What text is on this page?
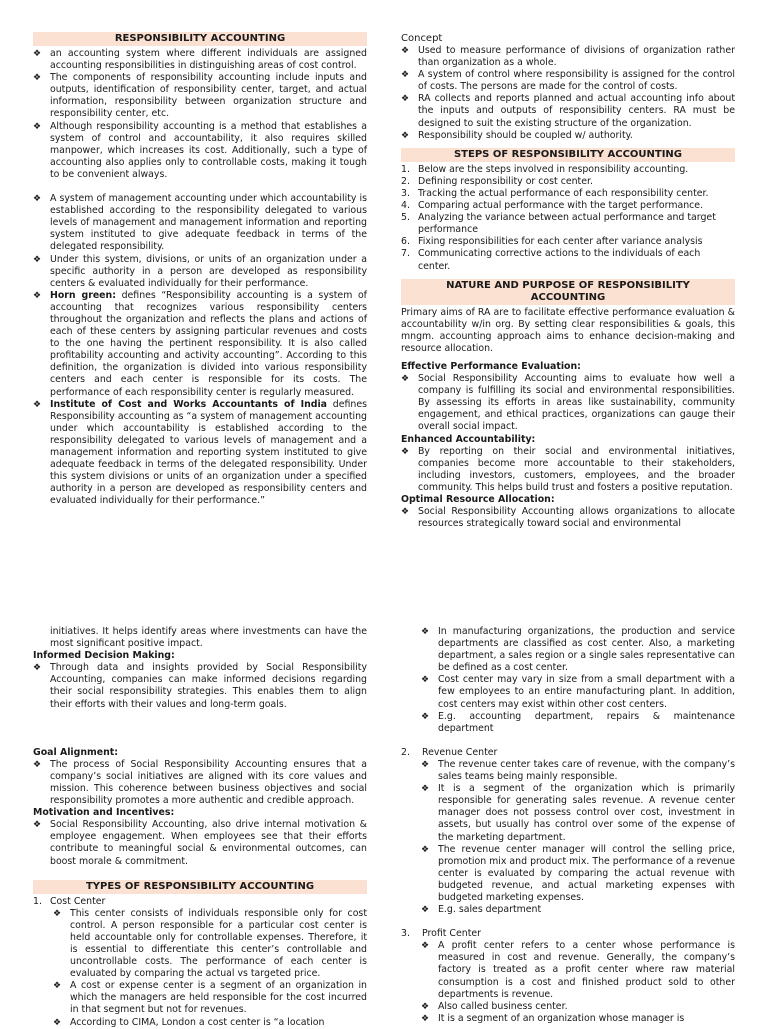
RESPONSIBILITY ACCOUNTING
❖ an accounting system where different individuals are assigned accounting responsibilities in distinguishing areas of cost control.
❖ The components of responsibility accounting include inputs and outputs, identification of responsibility center, target, and actual information, responsibility between organization structure and responsibility center, etc.
❖ Although responsibility accounting is a method that establishes a system of control and accountability, it also requires skilled manpower, which increases its cost. Additionally, such a type of accounting also applies only to controllable costs, making it tough to be convenient always.
❖ A system of management accounting under which accountability is established according to the responsibility delegated to various levels of management and management information and reporting system instituted to give adequate feedback in terms of the delegated responsibility.
❖ Under this system, divisions, or units of an organization under a specific authority in a person are developed as responsibility centers & evaluated individually for their performance.
❖ Horn green: defines “Responsibility accounting is a system of accounting that recognizes various responsibility centers throughout the organization and reflects the plans and actions of each of these centers by assigning particular revenues and costs to the one having the pertinent responsibility. It is also called profitability accounting and activity accounting”. According to this definition, the organization is divided into various responsibility centers and each center is responsible for its costs. The performance of each responsibility center is regularly measured.
❖ Institute of Cost and Works Accountants of India defines Responsibility accounting as “a system of management accounting under which accountability is established according to the responsibility delegated to various levels of management and a management information and reporting system instituted to give adequate feedback in terms of the delegated responsibility. Under this system divisions or units of an organization under a specified authority in a person are developed as responsibility centers and evaluated individually for their performance.”
Concept
❖ Used to measure performance of divisions of organization rather than organization as a whole.
❖ A system of control where responsibility is assigned for the control of costs. The persons are made for the control of costs.
❖ RA collects and reports planned and actual accounting info about the inputs and outputs of responsibility centers. RA must be designed to suit the existing structure of the organization.
❖ Responsibility should be coupled w/ authority.
STEPS OF RESPONSIBILITY ACCOUNTING
1. Below are the steps involved in responsibility accounting.
2. Defining responsibility or cost center.
3. Tracking the actual performance of each responsibility center.
4. Comparing actual performance with the target performance.
5. Analyzing the variance between actual performance and target performance
6. Fixing responsibilities for each center after variance analysis
7. Communicating corrective actions to the individuals of each center.
NATURE AND PURPOSE OF RESPONSIBILITY ACCOUNTING
Primary aims of RA are to facilitate effective performance evaluation & accountability w/in org. By setting clear responsibilities & goals, this mngm. accounting approach aims to enhance decision-making and resource allocation.
Effective Performance Evaluation:
❖ Social Responsibility Accounting aims to evaluate how well a company is fulfilling its social and environmental responsibilities. By assessing its efforts in areas like sustainability, community engagement, and ethical practices, organizations can gauge their overall social impact.
Enhanced Accountability:
❖ By reporting on their social and environmental initiatives, companies become more accountable to their stakeholders, including investors, customers, employees, and the broader community. This helps build trust and fosters a positive reputation.
Optimal Resource Allocation:
❖ Social Responsibility Accounting allows organizations to allocate resources strategically toward social and environmental
initiatives. It helps identify areas where investments can have the most significant positive impact.
Informed Decision Making:
❖ Through data and insights provided by Social Responsibility Accounting, companies can make informed decisions regarding their social responsibility strategies. This enables them to align their efforts with their values and long-term goals.
Goal Alignment:
❖ The process of Social Responsibility Accounting ensures that a company’s social initiatives are aligned with its core values and mission. This coherence between business objectives and social responsibility promotes a more authentic and credible approach.
Motivation and Incentives:
❖ Social Responsibility Accounting, also drive internal motivation & employee engagement. When employees see that their efforts contribute to meaningful social & environmental outcomes, can boost morale & commitment.
TYPES OF RESPONSIBILITY ACCOUNTING
1. Cost Center
❖ This center consists of individuals responsible only for cost control. A person responsible for a particular cost center is held accountable only for controllable expenses. Therefore, it is essential to differentiate this center’s controllable and uncontrollable costs. The performance of each center is evaluated by comparing the actual vs targeted price.
❖ A cost or expense center is a segment of an organization in which the managers are held responsible for the cost incurred in that segment but not for revenues.
❖ According to CIMA, London a cost center is “a location
❖ In manufacturing organizations, the production and service departments are classified as cost center. Also, a marketing department, a sales region or a single sales representative can be defined as a cost center.
❖ Cost center may vary in size from a small department with a few employees to an entire manufacturing plant. In addition, cost centers may exist within other cost centers.
❖ E.g. accounting department, repairs & maintenance department
2. Revenue Center
❖ The revenue center takes care of revenue, with the company’s sales teams being mainly responsible.
❖ It is a segment of the organization which is primarily responsible for generating sales revenue. A revenue center manager does not possess control over cost, investment in assets, but usually has control over some of the expense of the marketing department.
❖ The revenue center manager will control the selling price, promotion mix and product mix. The performance of a revenue center is evaluated by comparing the actual revenue with budgeted revenue, and actual marketing expenses with budgeted marketing expenses.
❖ E.g. sales department
3. Profit Center
❖ A profit center refers to a center whose performance is measured in cost and revenue. Generally, the company’s factory is treated as a profit center where raw material consumption is a cost and finished product sold to other departments is revenue.
❖ Also called business center.
❖ It is a segment of an organization whose manager is
